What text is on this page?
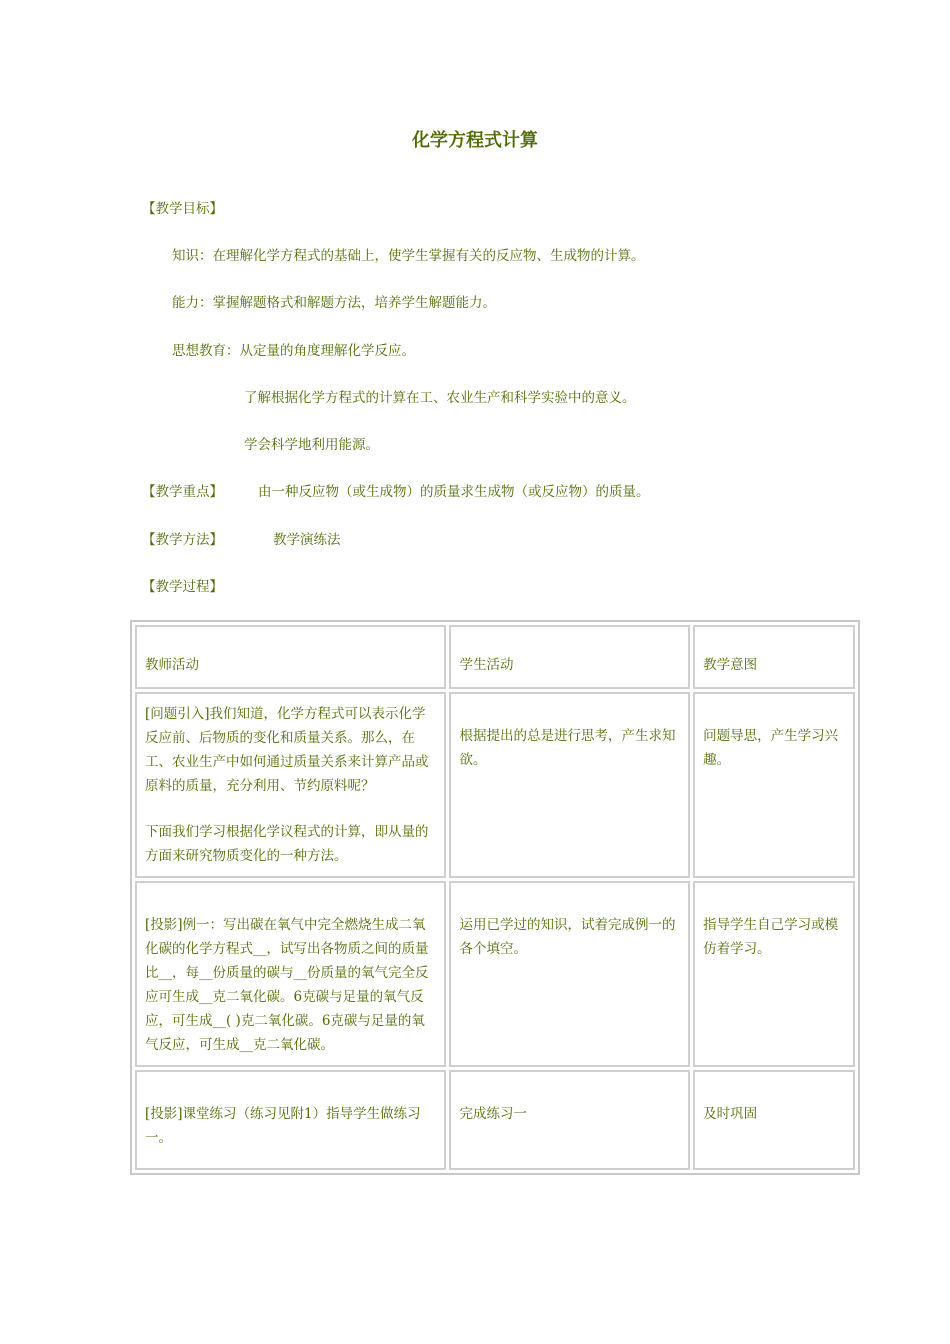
化学方程式计算
【教学目标】
知识：在理解化学方程式的基础上，使学生掌握有关的反应物、生成物的计算。
能力：掌握解题格式和解题方法，培养学生解题能力。
思想教育：从定量的角度理解化学反应。
了解根据化学方程式的计算在工、农业生产和科学实验中的意义。
学会科学地利用能源。
【教学重点】	由一种反应物（或生成物）的质量求生成物（或反应物）的质量。
【教学方法】	教学演练法
【教学过程】
教师活动	学生活动	教学意图

[问题引入]我们知道，化学方程式可以表示化学反应前、后物质的变化和质量关系。那么，在工、农业生产中如何通过质量关系来计算产品或原料的质量，充分利用、节约原料呢？

下面我们学习根据化学议程式的计算，即从量的方面来研究物质变化的一种方法。	根据提出的总是进行思考，产生求知欲。	问题导思，产生学习兴趣。

[投影]例一：写出碳在氧气中完全燃烧生成二氧化碳的化学方程式__，试写出各物质之间的质量比__，每__份质量的碳与__份质量的氧气完全反应可生成__克二氧化碳。6克碳与足量的氧气反应，可生成__( )克二氧化碳。6克碳与足量的氧气反应，可生成__克二氧化碳。	运用已学过的知识，试着完成例一的各个填空。	指导学生自己学习或模仿着学习。

[投影]课堂练习（练习见附1）指导学生做练习一。	完成练习一	及时巩固
